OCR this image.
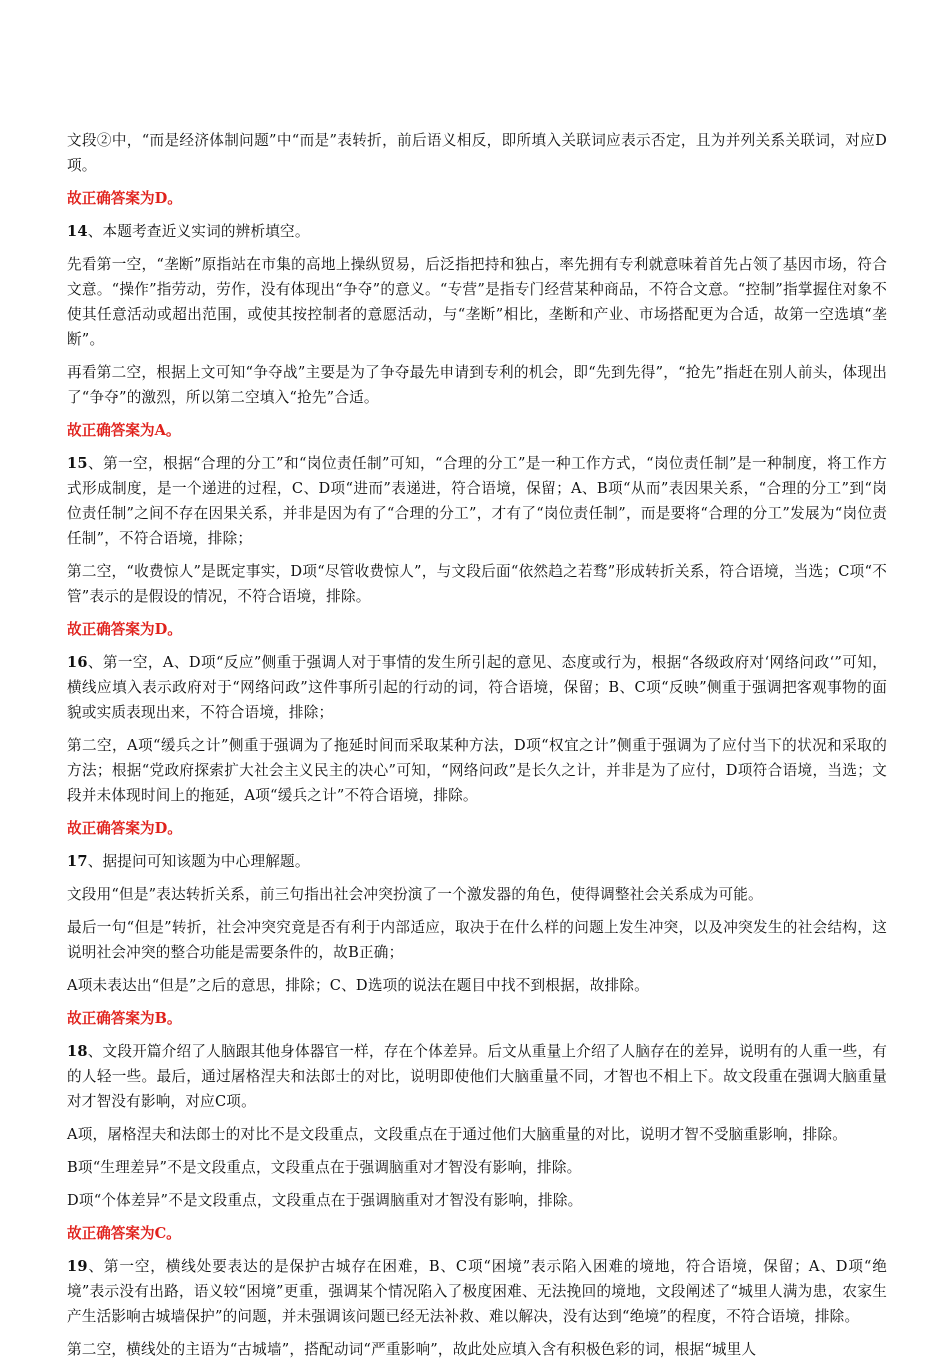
文段②中，“而是经济体制问题”中“而是”表转折，前后语义相反，即所填入关联词应表示否定，且为并列关系关联词，对应D项。

故正确答案为D。

14、本题考查近义实词的辨析填空。

先看第一空，“垄断”原指站在市集的高地上操纵贸易，后泛指把持和独占，率先拥有专利就意味着首先占领了基因市场，符合文意。“操作”指劳动，劳作，没有体现出“争夺”的意义。“专营”是指专门经营某种商品，不符合文意。“控制”指掌握住对象不使其任意活动或超出范围，或使其按控制者的意愿活动，与“垄断”相比，垄断和产业、市场搭配更为合适，故第一空选填“垄断”。

再看第二空，根据上文可知“争夺战”主要是为了争夺最先申请到专利的机会，即“先到先得”，“抢先”指赶在别人前头，体现出了“争夺”的激烈，所以第二空填入“抢先”合适。

故正确答案为A。

15、第一空，根据“合理的分工”和“岗位责任制”可知，“合理的分工”是一种工作方式，“岗位责任制”是一种制度，将工作方式形成制度，是一个递进的过程，C、D项“进而”表递进，符合语境，保留；A、B项“从而”表因果关系，“合理的分工”到“岗位责任制”之间不存在因果关系，并非是因为有了“合理的分工”，才有了“岗位责任制”，而是要将“合理的分工”发展为“岗位责任制”，不符合语境，排除；

第二空，“收费惊人”是既定事实，D项“尽管收费惊人”，与文段后面“依然趋之若骛”形成转折关系，符合语境，当选；C项“不管”表示的是假设的情况，不符合语境，排除。

故正确答案为D。

16、第一空，A、D项“反应”侧重于强调人对于事情的发生所引起的意见、态度或行为，根据“各级政府对‘网络问政‘”可知，横线应填入表示政府对于“网络问政”这件事所引起的行动的词，符合语境，保留；B、C项“反映”侧重于强调把客观事物的面貌或实质表现出来，不符合语境，排除；

第二空，A项“缓兵之计”侧重于强调为了拖延时间而采取某种方法，D项“权宜之计”侧重于强调为了应付当下的状况和采取的方法；根据“党政府探索扩大社会主义民主的决心”可知，“网络问政”是长久之计，并非是为了应付，D项符合语境，当选；文段并未体现时间上的拖延，A项“缓兵之计”不符合语境，排除。

故正确答案为D。

17、据提问可知该题为中心理解题。

文段用“但是”表达转折关系，前三句指出社会冲突扮演了一个激发器的角色，使得调整社会关系成为可能。

最后一句“但是”转折，社会冲突究竟是否有利于内部适应，取决于在什么样的问题上发生冲突，以及冲突发生的社会结构，这说明社会冲突的整合功能是需要条件的，故B正确；

A项未表达出“但是”之后的意思，排除；C、D选项的说法在题目中找不到根据，故排除。

故正确答案为B。

18、文段开篇介绍了人脑跟其他身体器官一样，存在个体差异。后文从重量上介绍了人脑存在的差异，说明有的人重一些，有的人轻一些。最后，通过屠格涅夫和法郎士的对比，说明即使他们大脑重量不同，才智也不相上下。故文段重在强调大脑重量对才智没有影响，对应C项。

A项，屠格涅夫和法郎士的对比不是文段重点，文段重点在于通过他们大脑重量的对比，说明才智不受脑重影响，排除。

B项“生理差异”不是文段重点，文段重点在于强调脑重对才智没有影响，排除。

D项“个体差异”不是文段重点，文段重点在于强调脑重对才智没有影响，排除。

故正确答案为C。

19、第一空，横线处要表达的是保护古城存在困难，B、C项“困境”表示陷入困难的境地，符合语境，保留；A、D项“绝境”表示没有出路，语义较“困境”更重，强调某个情况陷入了极度困难、无法挽回的境地，文段阐述了“城里人满为患，农家生产生活影响古城墙保护”的问题，并未强调该问题已经无法补救、难以解决，没有达到“绝境”的程度，不符合语境，排除。

第二空，横线处的主语为“古城墙”，搭配动词“严重影响”，故此处应填入含有积极色彩的词，根据“城里人
